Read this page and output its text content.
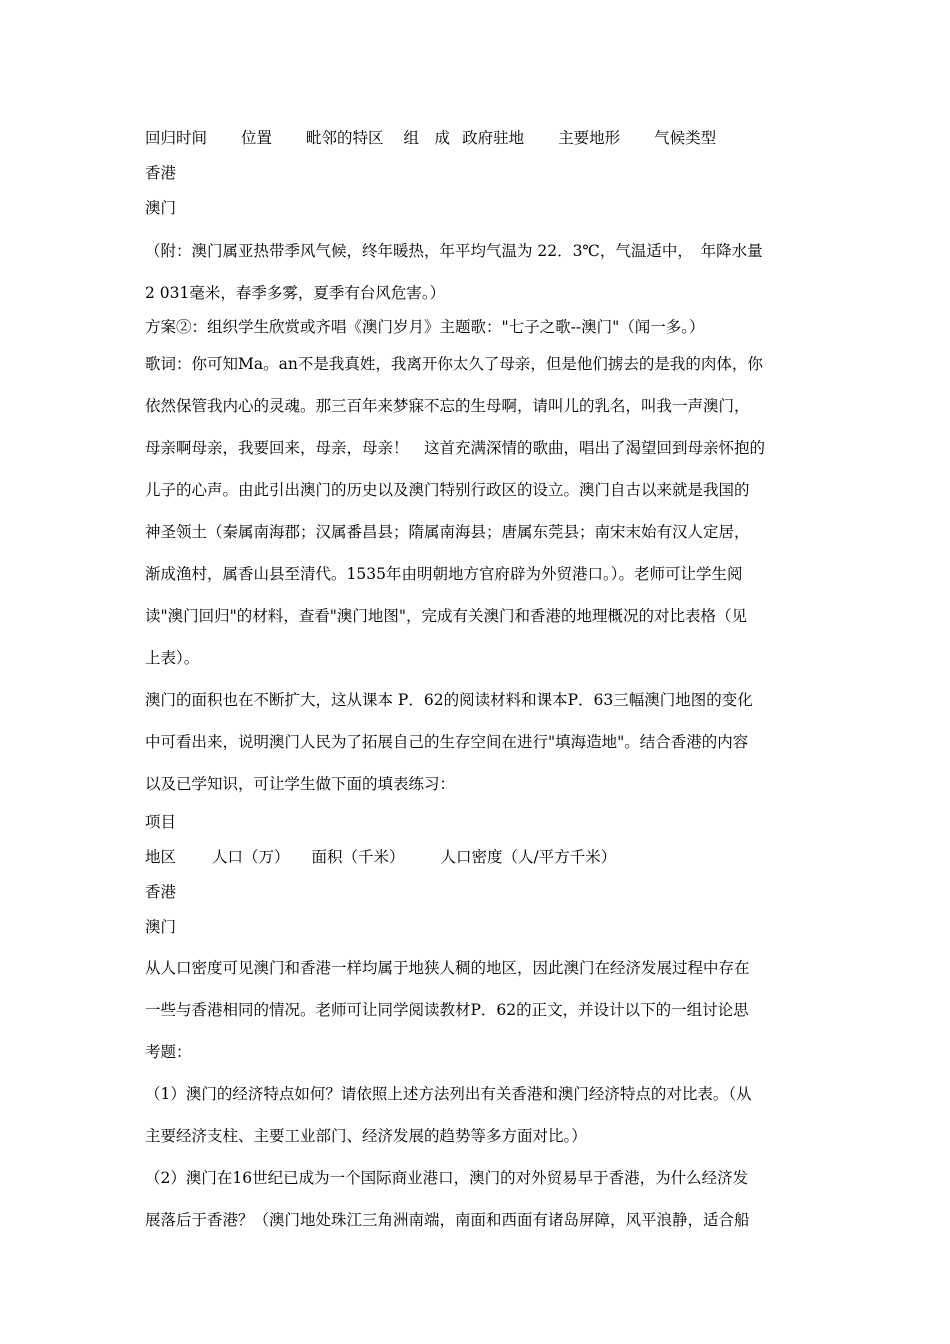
回归时间 位置 毗邻的特区 组　成 政府驻地 主要地形 气候类型
香港
澳门

（附：澳门属亚热带季风气候，终年暖热，年平均气温为 22．3℃，气温适中，　年降水量

2 031毫米，春季多雾，夏季有台风危害。）

方案②：组织学生欣赏或齐唱《澳门岁月》主题歌："七子之歌--澳门"（闻一多。）

歌词：你可知Ma。an不是我真姓，我离开你太久了母亲，但是他们掳去的是我的肉体，你

依然保管我内心的灵魂。那三百年来梦寐不忘的生母啊，请叫儿的乳名，叫我一声澳门，

母亲啊母亲，我要回来，母亲，母亲！　这首充满深情的歌曲，唱出了渴望回到母亲怀抱的

儿子的心声。由此引出澳门的历史以及澳门特别行政区的设立。澳门自古以来就是我国的

神圣领土（秦属南海郡；汉属番昌县；隋属南海县；唐属东莞县；南宋末始有汉人定居，

渐成渔村，属香山县至清代。1535年由明朝地方官府辟为外贸港口。）。老师可让学生阅

读"澳门回归"的材料，查看"澳门地图"，完成有关澳门和香港的地理概况的对比表格（见

上表）。

澳门的面积也在不断扩大，这从课本 P．62的阅读材料和课本P．63三幅澳门地图的变化

中可看出来，说明澳门人民为了拓展自己的生存空间在进行"填海造地"。结合香港的内容

以及已学知识，可让学生做下面的填表练习：

项目
地区 人口（万） 面积（千米） 人口密度（人/平方千米）
香港
澳门

从人口密度可见澳门和香港一样均属于地狭人稠的地区，因此澳门在经济发展过程中存在

一些与香港相同的情况。老师可让同学阅读教材P．62的正文，并设计以下的一组讨论思

考题：

（1）澳门的经济特点如何？请依照上述方法列出有关香港和澳门经济特点的对比表。（从

主要经济支柱、主要工业部门、经济发展的趋势等多方面对比。）

（2）澳门在16世纪已成为一个国际商业港口，澳门的对外贸易早于香港，为什么经济发

展落后于香港？（澳门地处珠江三角洲南端，南面和西面有诸岛屏障，风平浪静，适合船
